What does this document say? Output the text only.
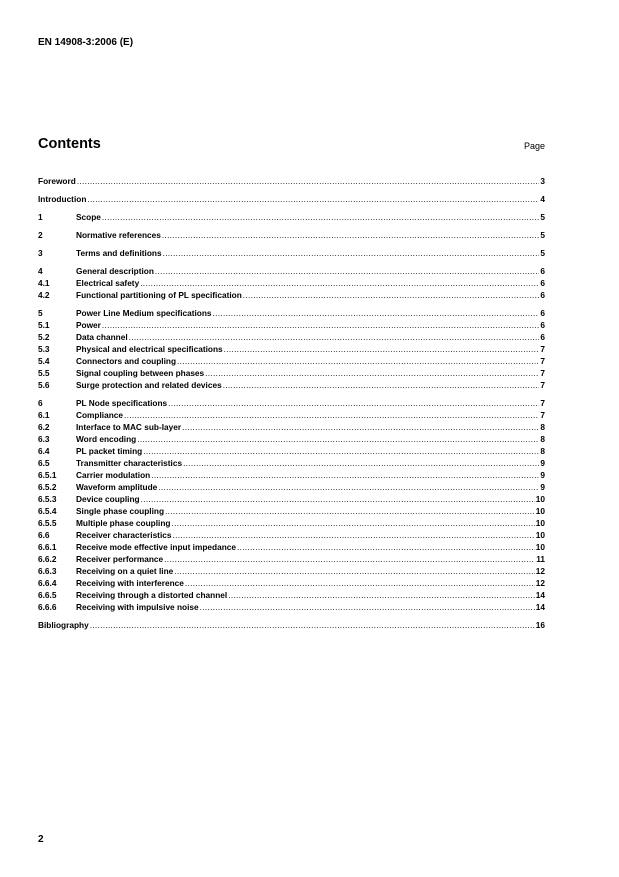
EN 14908-3:2006 (E)
Contents	Page
Foreword .....	3
Introduction .....	4
1	Scope .....	5
2	Normative references .....	5
3	Terms and definitions .....	5
4	General description .....	6
4.1	Electrical safety .....	6
4.2	Functional partitioning of PL specification .....	6
5	Power Line Medium specifications .....	6
5.1	Power .....	6
5.2	Data channel .....	6
5.3	Physical and electrical specifications .....	7
5.4	Connectors and coupling .....	7
5.5	Signal coupling between phases .....	7
5.6	Surge protection and related devices .....	7
6	PL Node specifications .....	7
6.1	Compliance .....	7
6.2	Interface to MAC sub-layer .....	8
6.3	Word encoding .....	8
6.4	PL packet timing .....	8
6.5	Transmitter characteristics .....	9
6.5.1	Carrier modulation .....	9
6.5.2	Waveform amplitude .....	9
6.5.3	Device coupling .....	10
6.5.4	Single phase coupling .....	10
6.5.5	Multiple phase coupling .....	10
6.6	Receiver characteristics .....	10
6.6.1	Receive mode effective input impedance .....	10
6.6.2	Receiver performance .....	11
6.6.3	Receiving on a quiet line .....	12
6.6.4	Receiving with interference .....	12
6.6.5	Receiving through a distorted channel .....	14
6.6.6	Receiving with impulsive noise .....	14
Bibliography .....	16
2
